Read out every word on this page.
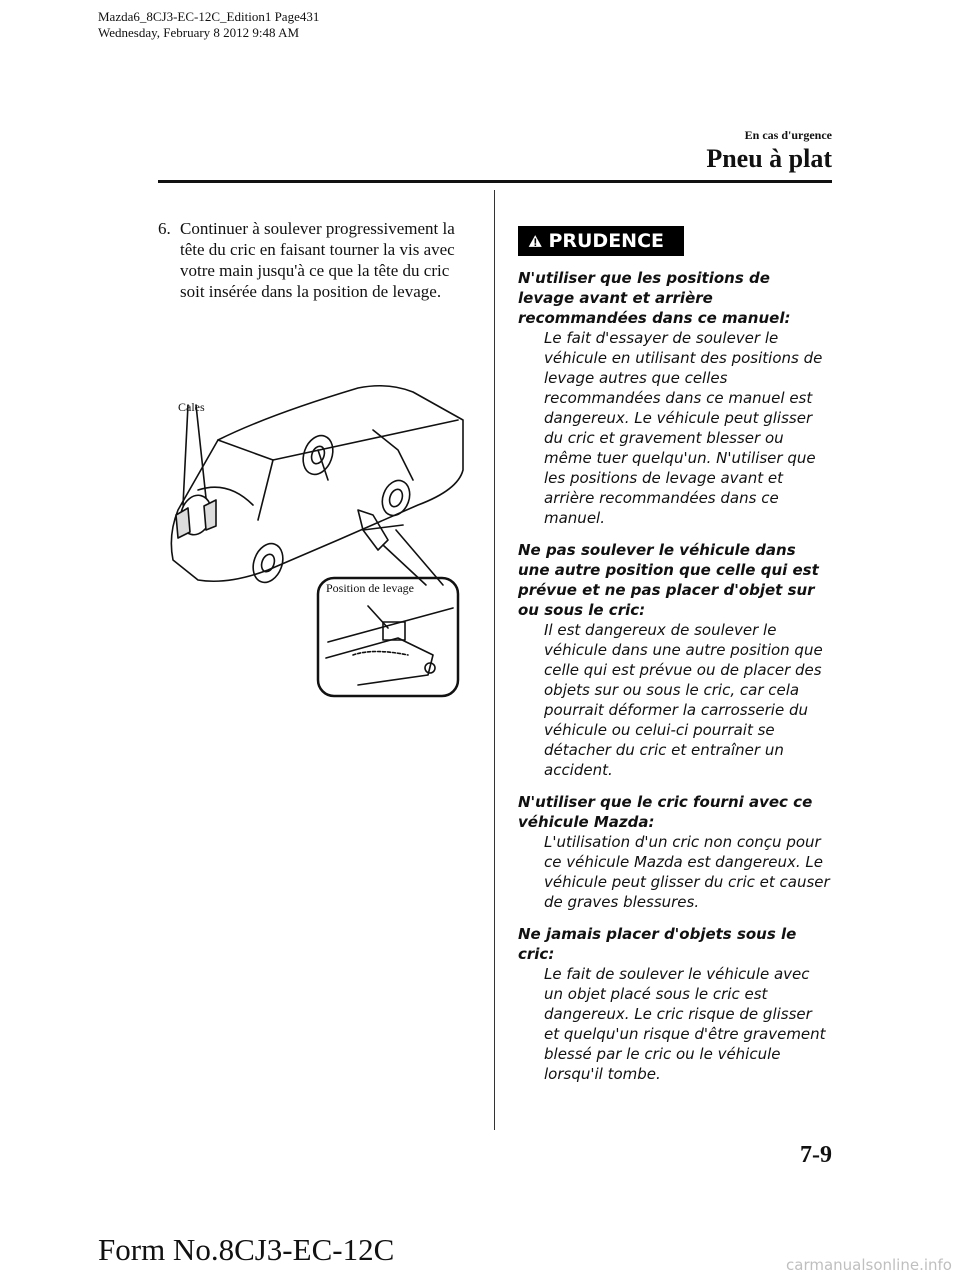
Mazda6_8CJ3-EC-12C_Edition1 Page431
Wednesday, February 8 2012 9:48 AM
En cas d'urgence
Pneu à plat
6. Continuer à soulever progressivement la tête du cric en faisant tourner la vis avec votre main jusqu'à ce que la tête du cric soit insérée dans la position de levage.
Cales
Position de levage
PRUDENCE
N'utiliser que les positions de levage avant et arrière recommandées dans ce manuel:
Le fait d'essayer de soulever le véhicule en utilisant des positions de levage autres que celles recommandées dans ce manuel est dangereux. Le véhicule peut glisser du cric et gravement blesser ou même tuer quelqu'un. N'utiliser que les positions de levage avant et arrière recommandées dans ce manuel.
Ne pas soulever le véhicule dans une autre position que celle qui est prévue et ne pas placer d'objet sur ou sous le cric:
Il est dangereux de soulever le véhicule dans une autre position que celle qui est prévue ou de placer des objets sur ou sous le cric, car cela pourrait déformer la carrosserie du véhicule ou celui-ci pourrait se détacher du cric et entraîner un accident.
N'utiliser que le cric fourni avec ce véhicule Mazda:
L'utilisation d'un cric non conçu pour ce véhicule Mazda est dangereux. Le véhicule peut glisser du cric et causer de graves blessures.
Ne jamais placer d'objets sous le cric:
Le fait de soulever le véhicule avec un objet placé sous le cric est dangereux. Le cric risque de glisser et quelqu'un risque d'être gravement blessé par le cric ou le véhicule lorsqu'il tombe.
7-9
Form No.8CJ3-EC-12C	carmanualsonline.info
